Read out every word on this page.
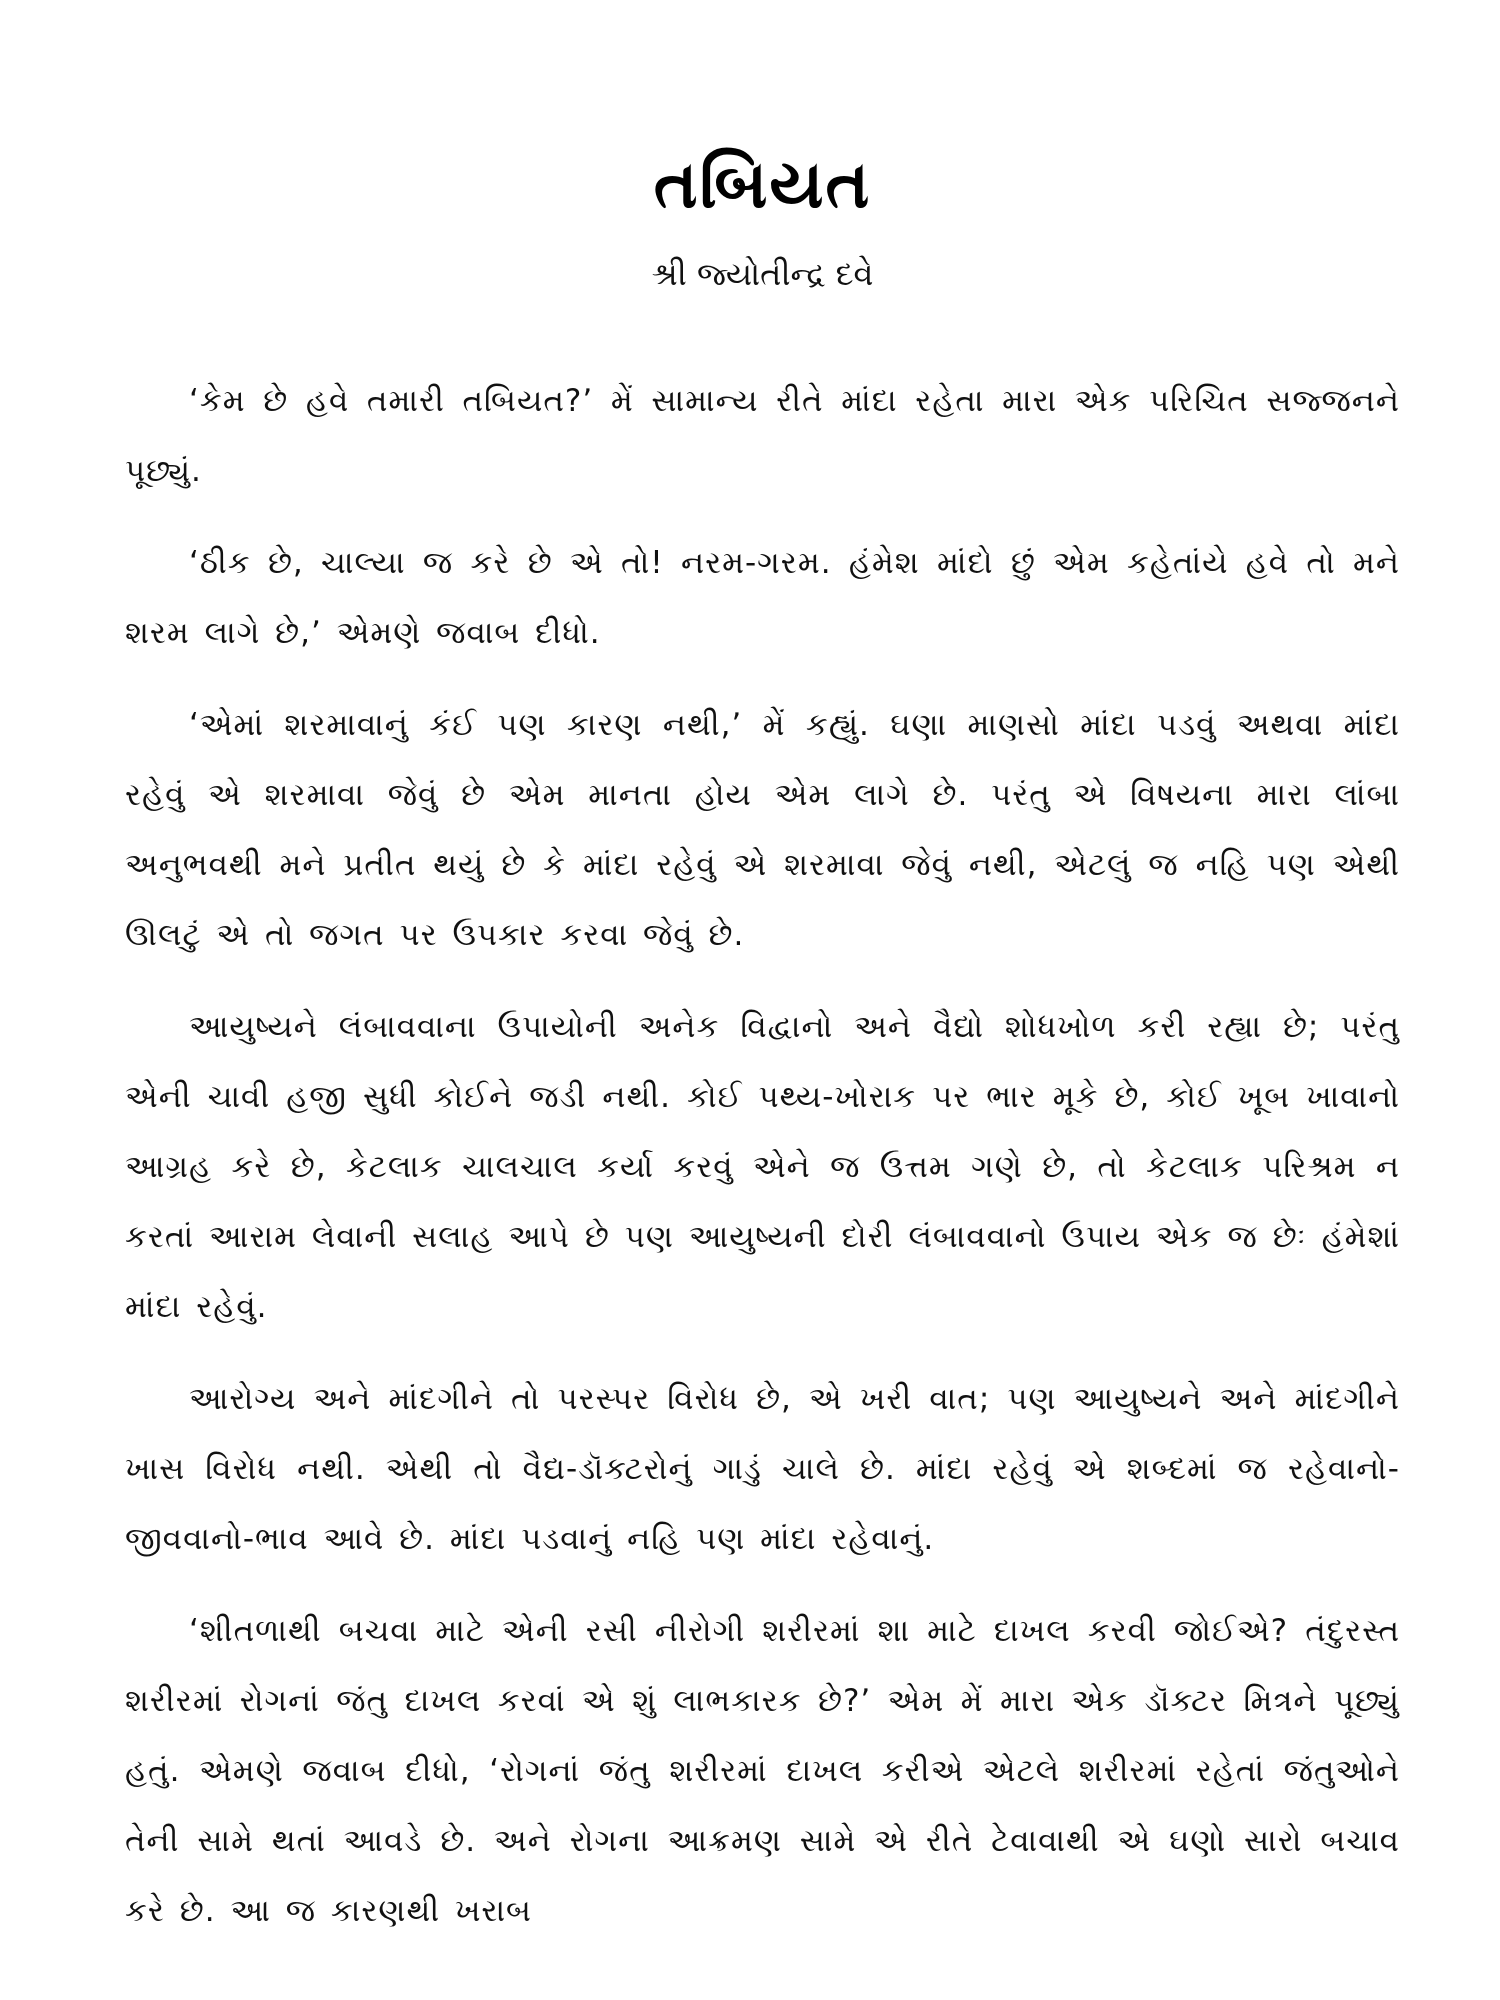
તબિયત
શ્રી જ્યોતીન્દ્ર દવે

‘કેમ છે હવે તમારી તબિયત?’ મેં સામાન્ય રીતે માંદા રહેતા મારા એક પરિચિત સજ્જનને પૂછ્યું.

‘ઠીક છે, ચાલ્યા જ કરે છે એ તો! નરમ-ગરમ. હંમેશ માંદો છું એમ કહેતાંયે હવે તો મને શરમ લાગે છે,’ એમણે જવાબ દીધો.

‘એમાં શરમાવાનું કંઈ પણ કારણ નથી,’ મેં કહ્યું. ઘણા માણસો માંદા પડવું અથવા માંદા રહેવું એ શરમાવા જેવું છે એમ માનતા હોય એમ લાગે છે. પરંતુ એ વિષયના મારા લાંબા અનુભવથી મને પ્રતીત થયું છે કે માંદા રહેવું એ શરમાવા જેવું નથી, એટલું જ નહિ પણ એથી ઊલટું એ તો જગત પર ઉપકાર કરવા જેવું છે.

આયુષ્યને લંબાવવાના ઉપાયોની અનેક વિદ્વાનો અને વૈદ્યો શોધખોળ કરી રહ્યા છે; પરંતુ એની ચાવી હજી સુધી કોઈને જડી નથી. કોઈ પથ્ય-ખોરાક પર ભાર મૂકે છે, કોઈ ખૂબ ખાવાનો આગ્રહ કરે છે, કેટલાક ચાલચાલ કર્યા કરવું એને જ ઉત્તમ ગણે છે, તો કેટલાક પરિશ્રમ ન કરતાં આરામ લેવાની સલાહ આપે છે પણ આયુષ્યની દોરી લંબાવવાનો ઉપાય એક જ છેઃ હંમેશાં માંદા રહેવું.

આરોગ્ય અને માંદગીને તો પરસ્પર વિરોધ છે, એ ખરી વાત; પણ આયુષ્યને અને માંદગીને ખાસ વિરોધ નથી. એથી તો વૈદ્ય-ડૉક્ટરોનું ગાડું ચાલે છે. માંદા રહેવું એ શબ્દમાં જ રહેવાનો-જીવવાનો-ભાવ આવે છે. માંદા પડવાનું નહિ પણ માંદા રહેવાનું.

‘શીતળાથી બચવા માટે એની રસી નીરોગી શરીરમાં શા માટે દાખલ કરવી જોઈએ? તંદુરસ્ત શરીરમાં રોગનાં જંતુ દાખલ કરવાં એ શું લાભકારક છે?’ એમ મેં મારા એક ડૉક્ટર મિત્રને પૂછ્યું હતું. એમણે જવાબ દીધો, ‘રોગનાં જંતુ શરીરમાં દાખલ કરીએ એટલે શરીરમાં રહેતાં જંતુઓને તેની સામે થતાં આવડે છે. અને રોગના આક્રમણ સામે એ રીતે ટેવાવાથી એ ઘણો સારો બચાવ કરે છે. આ જ કારણથી ખરાબ
